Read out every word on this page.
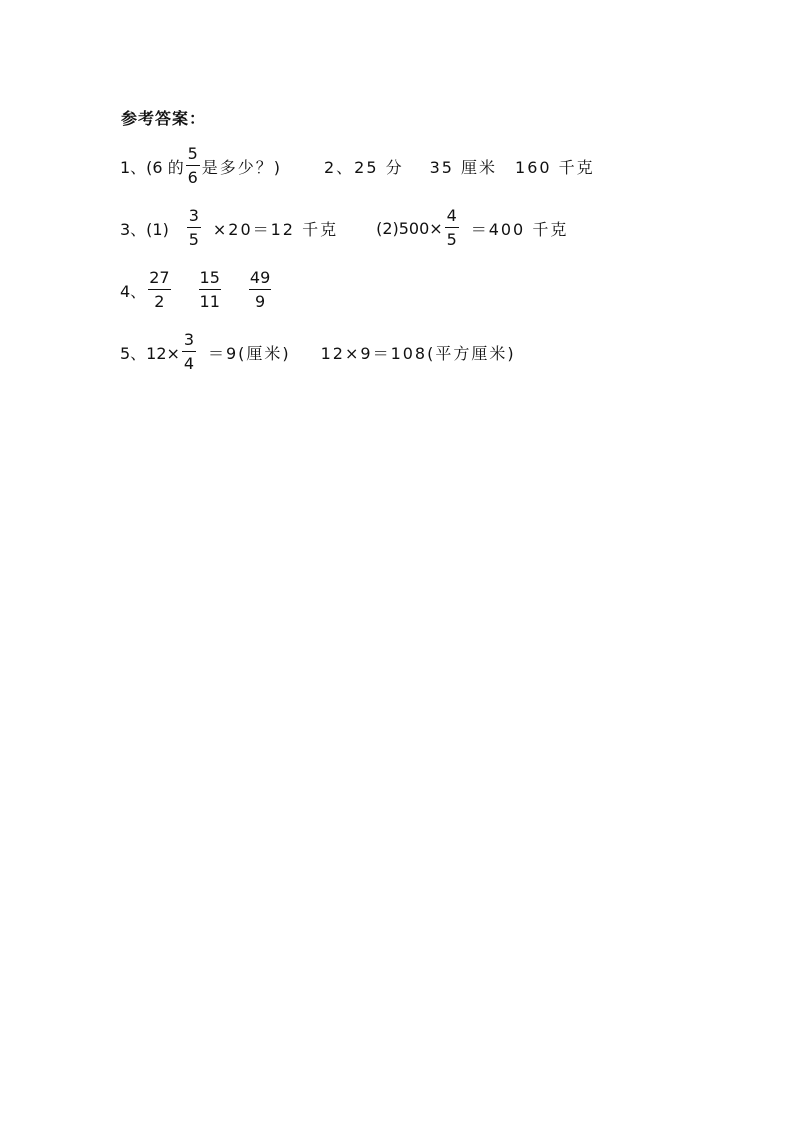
参考答案：
1、(6 的 $\frac{5}{6}$ 是多少？)	2、25 分 35 厘米 160 千克
3、$(1) \frac{3}{5} \times 20=12$ 千克 $(2)500\times \frac{4}{5} =400$ 千克
4、 $\frac{27}{2} \frac{15}{11} \frac{49}{9}$
5、$12\times \frac{3}{4} =9$(厘米) 12×9＝108(平方厘米)
